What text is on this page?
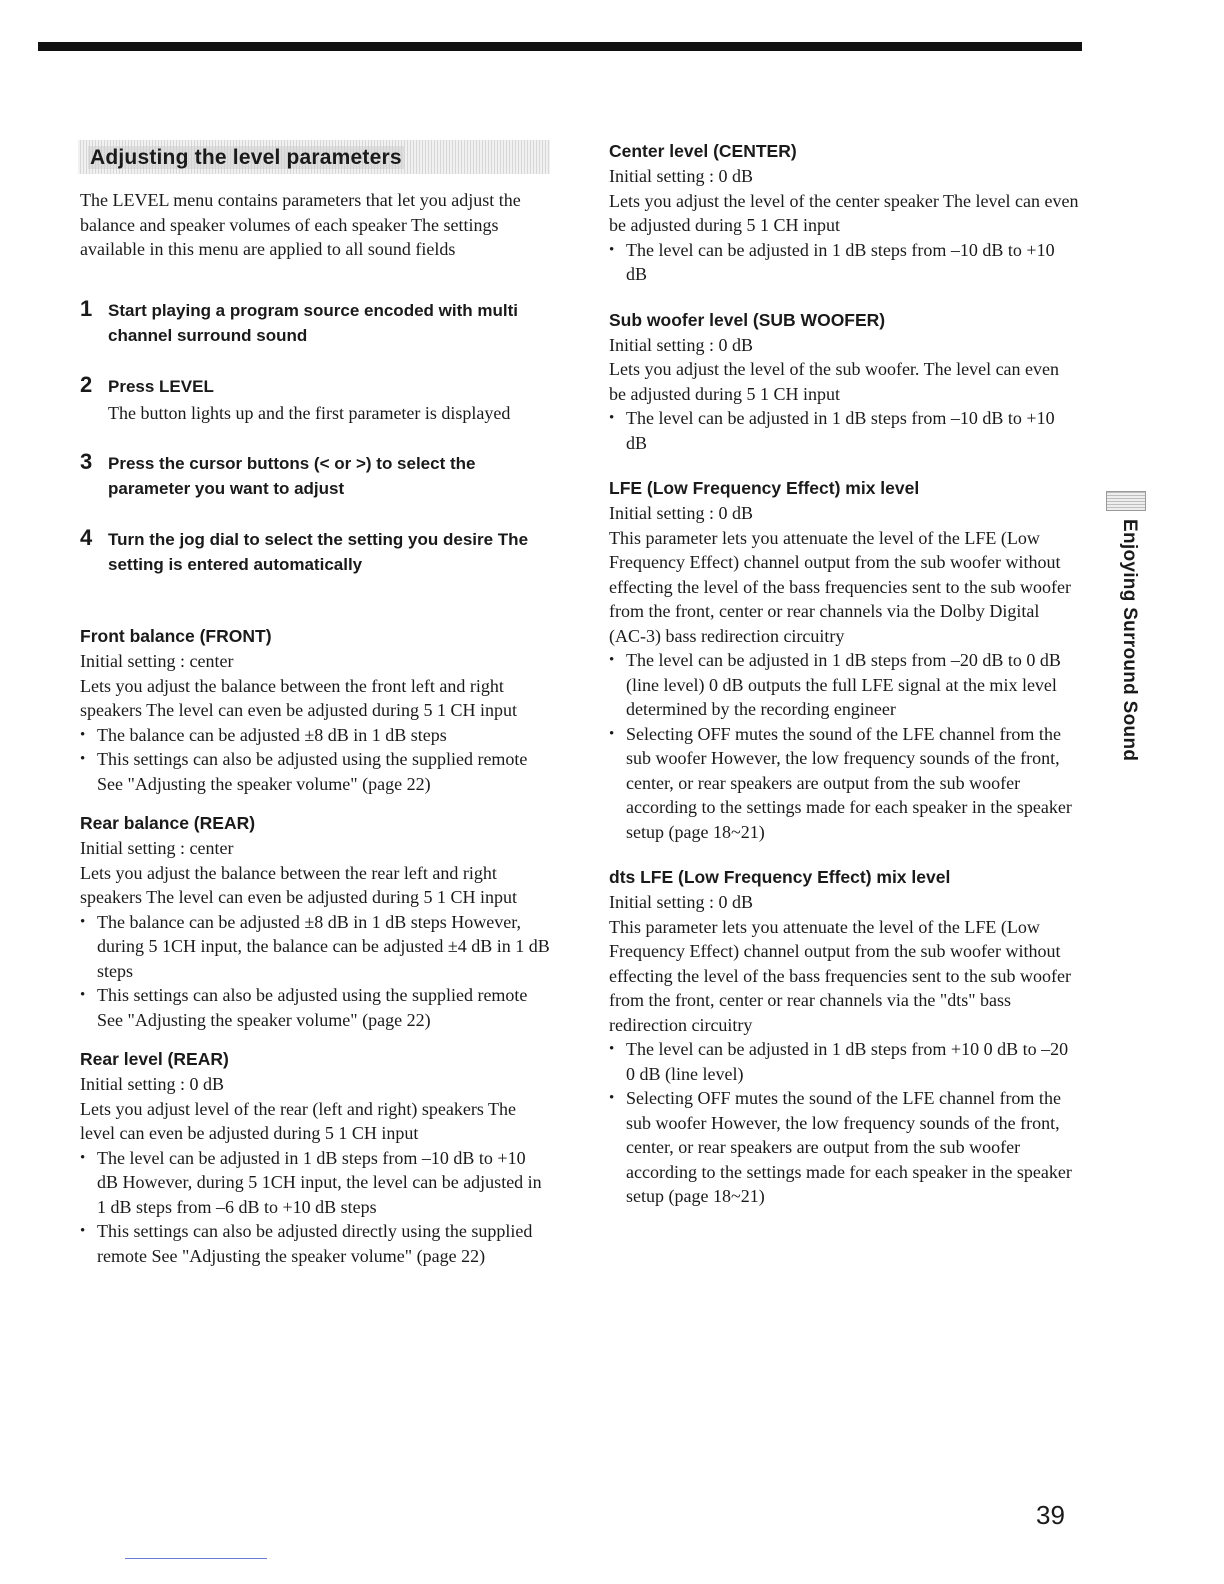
Adjusting the level parameters

The LEVEL menu contains parameters that let you adjust the balance and speaker volumes of each speaker The settings available in this menu are applied to all sound fields

1 Start playing a program source encoded with multi channel surround sound
2 Press LEVEL
The button lights up and the first parameter is displayed
3 Press the cursor buttons (< or >) to select the parameter you want to adjust
4 Turn the jog dial to select the setting you desire The setting is entered automatically
Front balance (FRONT)

Initial setting : center

Lets you adjust the balance between the front left and right speakers The level can even be adjusted during 5 1 CH input

• The balance can be adjusted ±8 dB in 1 dB steps
• This settings can also be adjusted using the supplied remote See "Adjusting the speaker volume" (page 22)
Rear balance (REAR)

Initial setting : center

Lets you adjust the balance between the rear left and right speakers The level can even be adjusted during 5 1 CH input

• The balance can be adjusted ±8 dB in 1 dB steps However, during 5 1CH input, the balance can be adjusted ±4 dB in 1 dB steps
• This settings can also be adjusted using the supplied remote See "Adjusting the speaker volume" (page 22)
Rear level (REAR)

Initial setting : 0 dB

Lets you adjust level of the rear (left and right) speakers The level can even be adjusted during 5 1 CH input

• The level can be adjusted in 1 dB steps from –10 dB to +10 dB However, during 5 1CH input, the level can be adjusted in 1 dB steps from –6 dB to +10 dB steps
• This settings can also be adjusted directly using the supplied remote See "Adjusting the speaker volume" (page 22)
Center level (CENTER)

Initial setting : 0 dB

Lets you adjust the level of the center speaker The level can even be adjusted during 5 1 CH input

• The level can be adjusted in 1 dB steps from –10 dB to +10 dB
Sub woofer level (SUB WOOFER)

Initial setting : 0 dB

Lets you adjust the level of the sub woofer. The level can even be adjusted during 5 1 CH input

• The level can be adjusted in 1 dB steps from –10 dB to +10 dB
LFE (Low Frequency Effect) mix level

Initial setting : 0 dB

This parameter lets you attenuate the level of the LFE (Low Frequency Effect) channel output from the sub woofer without effecting the level of the bass frequencies sent to the sub woofer from the front, center or rear channels via the Dolby Digital (AC-3) bass redirection circuitry

• The level can be adjusted in 1 dB steps from –20 dB to 0 dB (line level) 0 dB outputs the full LFE signal at the mix level determined by the recording engineer
• Selecting OFF mutes the sound of the LFE channel from the sub woofer However, the low frequency sounds of the front, center, or rear speakers are output from the sub woofer according to the settings made for each speaker in the speaker setup (page 18~21)
dts LFE (Low Frequency Effect) mix level

Initial setting : 0 dB

This parameter lets you attenuate the level of the LFE (Low Frequency Effect) channel output from the sub woofer without effecting the level of the bass frequencies sent to the sub woofer from the front, center or rear channels via the "dts" bass redirection circuitry

• The level can be adjusted in 1 dB steps from +10 0 dB to –20 0 dB (line level)
• Selecting OFF mutes the sound of the LFE channel from the sub woofer However, the low frequency sounds of the front, center, or rear speakers are output from the sub woofer according to the settings made for each speaker in the speaker setup (page 18~21)
Enjoying Surround Sound
39
